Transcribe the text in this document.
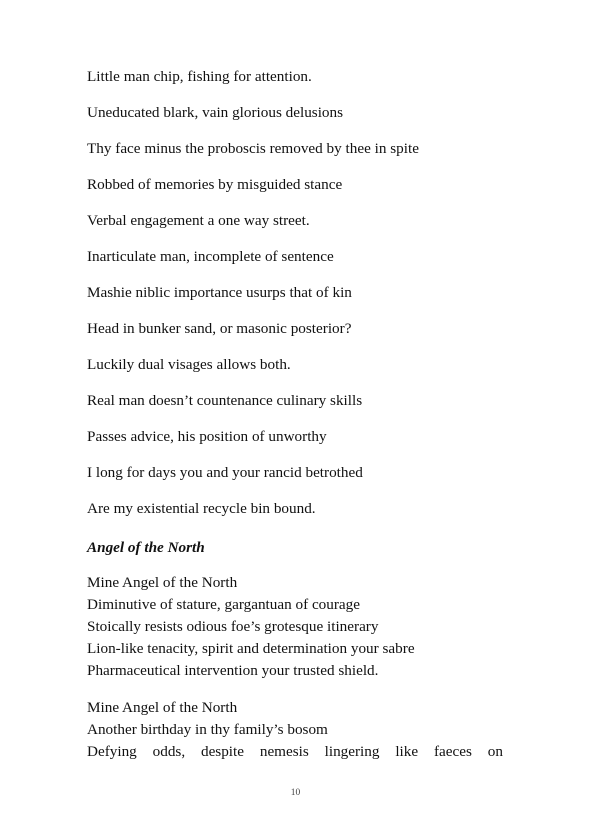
Little man chip, fishing for attention.
Uneducated blark, vain glorious delusions
Thy face minus the proboscis removed by thee in spite
Robbed of memories by misguided stance
Verbal engagement a one way street.
Inarticulate man, incomplete of sentence
Mashie niblic importance usurps that of kin
Head in bunker sand, or masonic posterior?
Luckily dual visages allows both.
Real man doesn’t countenance culinary skills
Passes advice, his position of unworthy
I long for days you and your rancid betrothed
Are my existential recycle bin bound.
Angel of the North
Mine Angel of the North
Diminutive of stature, gargantuan of courage
Stoically resists odious foe’s grotesque itinerary
Lion-like tenacity, spirit and determination your sabre
Pharmaceutical intervention your trusted shield.
Mine Angel of the North
Another birthday in thy family’s bosom
Defying odds, despite nemesis lingering like faeces on
10
